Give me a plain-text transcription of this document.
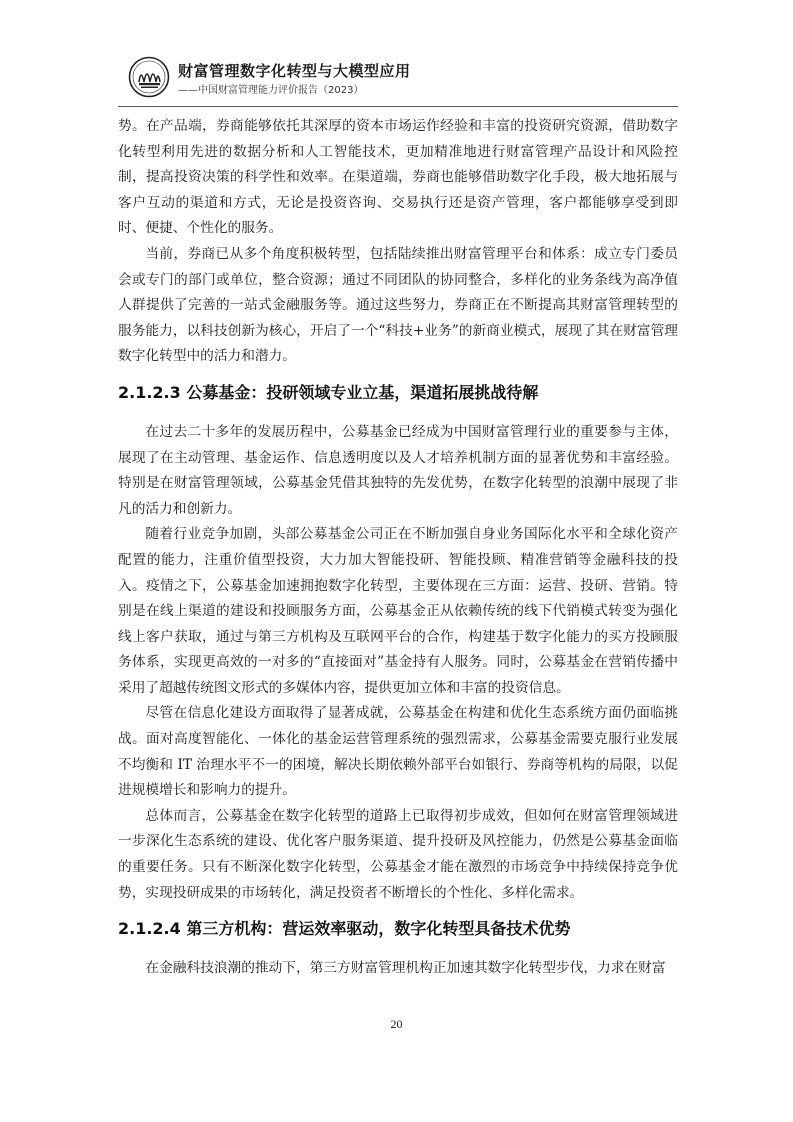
财富管理数字化转型与大模型应用
——中国财富管理能力评价报告（2023）

势。在产品端，券商能够依托其深厚的资本市场运作经验和丰富的投资研究资源，借助数字化转型利用先进的数据分析和人工智能技术，更加精准地进行财富管理产品设计和风险控制，提高投资决策的科学性和效率。在渠道端，券商也能够借助数字化手段，极大地拓展与客户互动的渠道和方式，无论是投资咨询、交易执行还是资产管理，客户都能够享受到即时、便捷、个性化的服务。

当前，券商已从多个角度积极转型，包括陆续推出财富管理平台和体系：成立专门委员会或专门的部门或单位，整合资源；通过不同团队的协同整合，多样化的业务条线为高净值人群提供了完善的一站式金融服务等。通过这些努力，券商正在不断提高其财富管理转型的服务能力，以科技创新为核心，开启了一个“科技+业务”的新商业模式，展现了其在财富管理数字化转型中的活力和潜力。

2.1.2.3 公募基金：投研领域专业立基，渠道拓展挑战待解

在过去二十多年的发展历程中，公募基金已经成为中国财富管理行业的重要参与主体，展现了在主动管理、基金运作、信息透明度以及人才培养机制方面的显著优势和丰富经验。特别是在财富管理领域，公募基金凭借其独特的先发优势，在数字化转型的浪潮中展现了非凡的活力和创新力。

随着行业竞争加剧，头部公募基金公司正在不断加强自身业务国际化水平和全球化资产配置的能力，注重价值型投资，大力加大智能投研、智能投顾、精准营销等金融科技的投入。疫情之下，公募基金加速拥抱数字化转型，主要体现在三方面：运营、投研、营销。特别是在线上渠道的建设和投顾服务方面，公募基金正从依赖传统的线下代销模式转变为强化线上客户获取，通过与第三方机构及互联网平台的合作，构建基于数字化能力的买方投顾服务体系，实现更高效的一对多的“直接面对”基金持有人服务。同时，公募基金在营销传播中采用了超越传统图文形式的多媒体内容，提供更加立体和丰富的投资信息。

尽管在信息化建设方面取得了显著成就，公募基金在构建和优化生态系统方面仍面临挑战。面对高度智能化、一体化的基金运营管理系统的强烈需求，公募基金需要克服行业发展不均衡和 IT 治理水平不一的困境，解决长期依赖外部平台如银行、券商等机构的局限，以促进规模增长和影响力的提升。

总体而言，公募基金在数字化转型的道路上已取得初步成效，但如何在财富管理领域进一步深化生态系统的建设、优化客户服务渠道、提升投研及风控能力，仍然是公募基金面临的重要任务。只有不断深化数字化转型，公募基金才能在激烈的市场竞争中持续保持竞争优势，实现投研成果的市场转化，满足投资者不断增长的个性化、多样化需求。

2.1.2.4 第三方机构：营运效率驱动，数字化转型具备技术优势

在金融科技浪潮的推动下，第三方财富管理机构正加速其数字化转型步伐，力求在财富

20
